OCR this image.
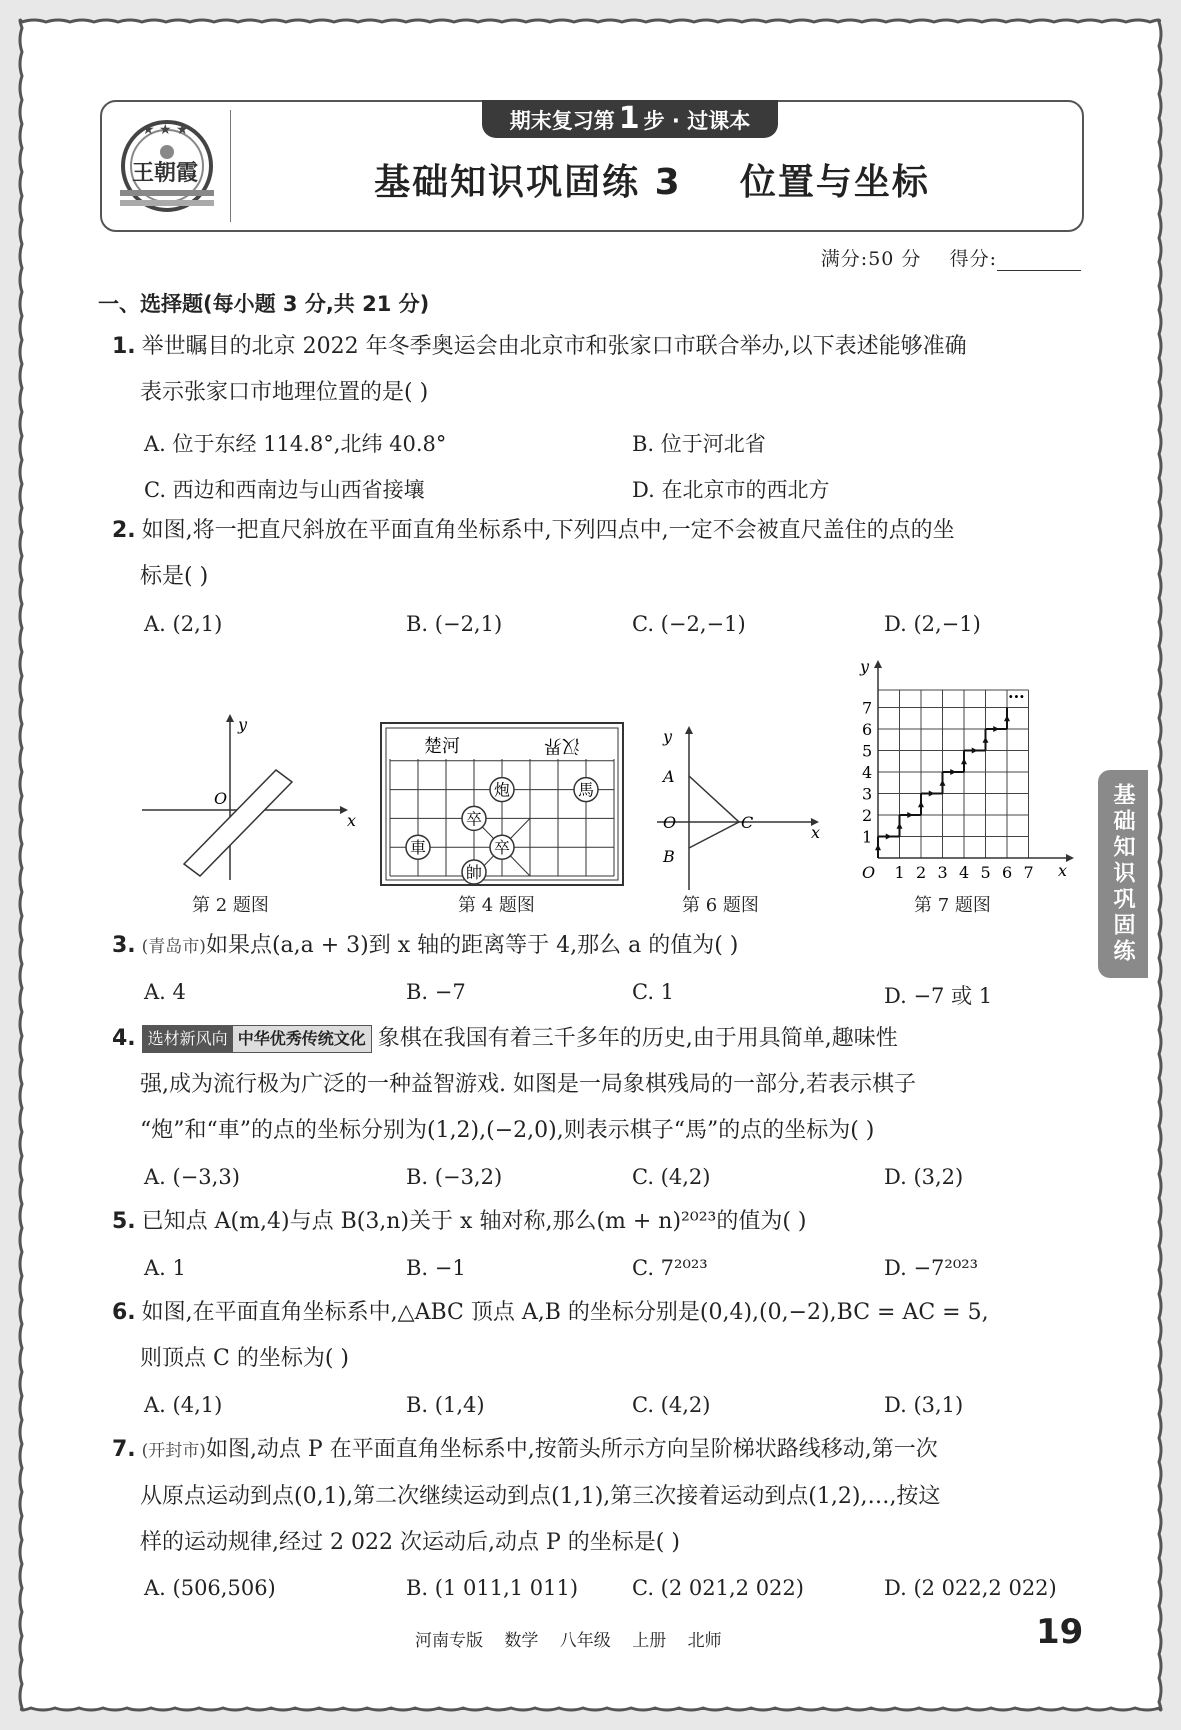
★ ★ ★
王朝霞
期末复习第 1 步 · 过课本
基础知识巩固练 3    位置与坐标
满分:50 分 得分:
一、选择题(每小题 3 分,共 21 分)
1. 举世瞩目的北京 2022 年冬季奥运会由北京市和张家口市联合举办,以下表述能够准确
表示张家口市地理位置的是( )
A. 位于东经 114.8°,北纬 40.8°	B. 位于河北省
C. 西边和西南边与山西省接壤	D. 在北京市的西北方
2. 如图,将一把直尺斜放在平面直角坐标系中,下列四点中,一定不会被直尺盖住的点的坐
标是( )
A. (2,1)	B. (−2,1)	C. (−2,−1)	D. (2,−1)
x
y
O
第 2 题图
楚河	汉界
炮	馬
卒
卒
車
帥
第 4 题图
x
y
A
O
B
C
第 6 题图
1 2 3 4 5 6 7
1
2
3
4
5
6
7
y
x
O
···
第 7 题图	基础知识巩固练
3. (青岛市)如果点(a,a + 3)到 x 轴的距离等于 4,那么 a 的值为( )
A. 4	B. −7	C. 1	D. −7 或 1
4. 选材新风向 中华优秀传统文化 象棋在我国有着三千多年的历史,由于用具简单,趣味性
强,成为流行极为广泛的一种益智游戏. 如图是一局象棋残局的一部分,若表示棋子
“炮”和“車”的点的坐标分别为(1,2),(−2,0),则表示棋子“馬”的点的坐标为( )
A. (−3,3)	B. (−3,2)	C. (4,2)	D. (3,2)
5. 已知点 A(m,4)与点 B(3,n)关于 x 轴对称,那么(m + n)²⁰²³的值为( )
A. 1	B. −1	C. 7²⁰²³	D. −7²⁰²³
6. 如图,在平面直角坐标系中,△ABC 顶点 A,B 的坐标分别是(0,4),(0,−2),BC = AC = 5,
则顶点 C 的坐标为( )
A. (4,1)	B. (1,4)	C. (4,2)	D. (3,1)
7. (开封市)如图,动点 P 在平面直角坐标系中,按箭头所示方向呈阶梯状路线移动,第一次
从原点运动到点(0,1),第二次继续运动到点(1,1),第三次接着运动到点(1,2),…,按这
样的运动规律,经过 2 022 次运动后,动点 P 的坐标是( )
A. (506,506)	B. (1 011,1 011)	C. (2 021,2 022)	D. (2 022,2 022)
河南专版 数学 八年级 上册 北师	19
